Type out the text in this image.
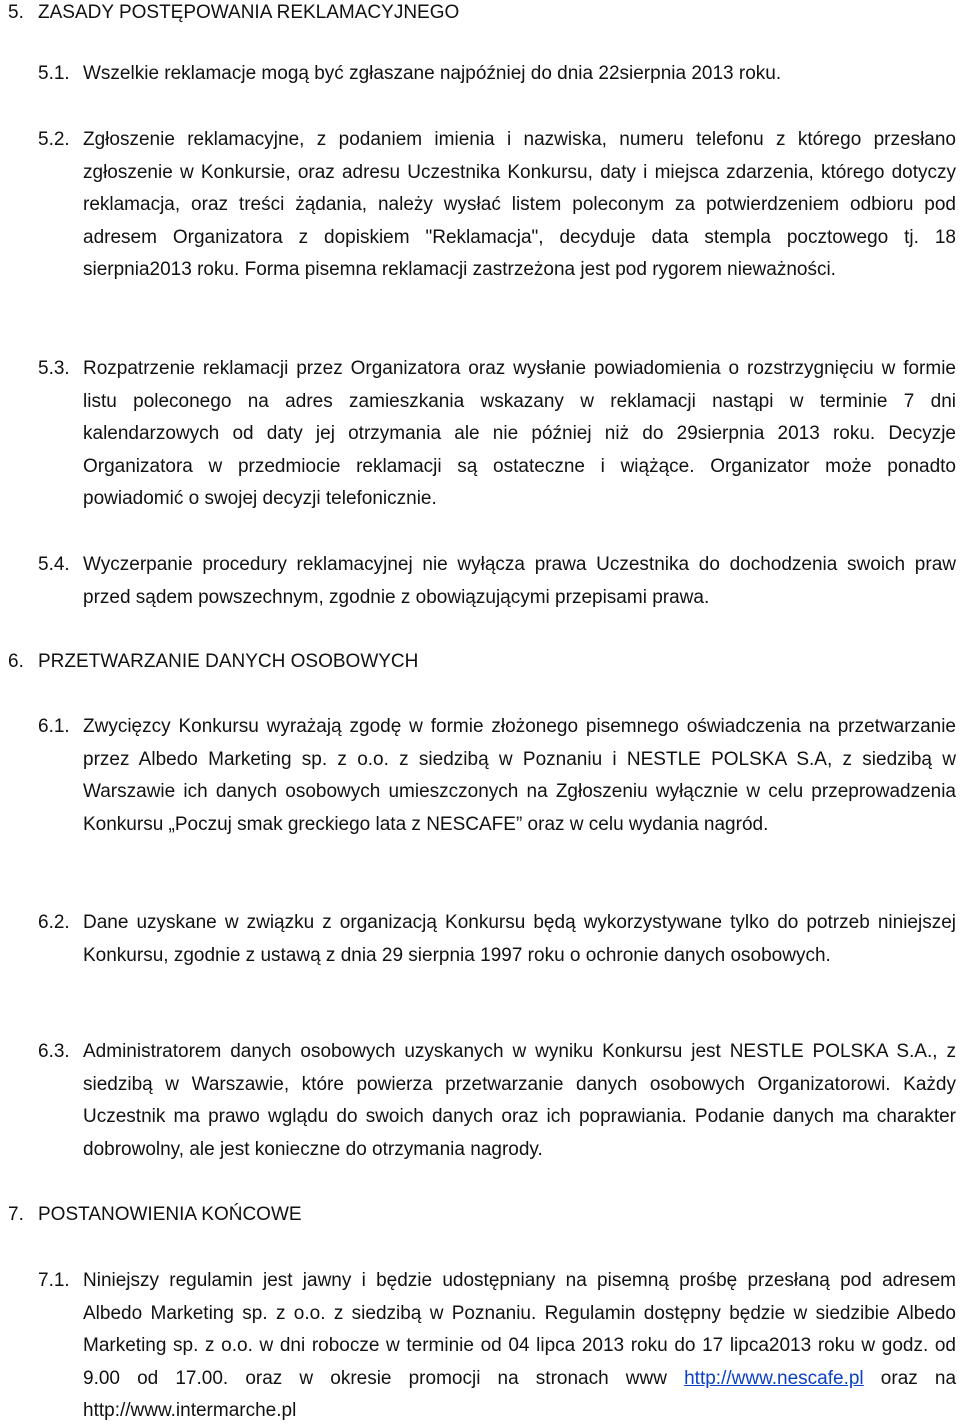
5. ZASADY POSTĘPOWANIA REKLAMACYJNEGO
5.1. Wszelkie reklamacje mogą być zgłaszane najpóźniej do dnia 22sierpnia 2013 roku.

5.2. Zgłoszenie reklamacyjne, z podaniem imienia i nazwiska, numeru telefonu z którego przesłano zgłoszenie w Konkursie, oraz adresu Uczestnika Konkursu, daty i miejsca zdarzenia, którego dotyczy reklamacja, oraz treści żądania, należy wysłać listem poleconym za potwierdzeniem odbioru pod adresem Organizatora z dopiskiem "Reklamacja", decyduje data stempla pocztowego tj. 18 sierpnia2013 roku. Forma pisemna reklamacji zastrzeżona jest pod rygorem nieważności.

5.3. Rozpatrzenie reklamacji przez Organizatora oraz wysłanie powiadomienia o rozstrzygnięciu w formie listu poleconego na adres zamieszkania wskazany w reklamacji nastąpi w terminie 7 dni kalendarzowych od daty jej otrzymania ale nie później niż do 29sierpnia 2013 roku. Decyzje Organizatora w przedmiocie reklamacji są ostateczne i wiążące. Organizator może ponadto powiadomić o swojej decyzji telefonicznie.

5.4. Wyczerpanie procedury reklamacyjnej nie wyłącza prawa Uczestnika do dochodzenia swoich praw przed sądem powszechnym, zgodnie z obowiązującymi przepisami prawa.

6. PRZETWARZANIE DANYCH OSOBOWYCH
6.1. Zwycięzcy Konkursu wyrażają zgodę w formie złożonego pisemnego oświadczenia na przetwarzanie przez Albedo Marketing sp. z o.o. z siedzibą w Poznaniu i NESTLE POLSKA S.A, z siedzibą w Warszawie ich danych osobowych umieszczonych na Zgłoszeniu wyłącznie w celu przeprowadzenia Konkursu „Poczuj smak greckiego lata z NESCAFE” oraz w celu wydania nagród.

6.2. Dane uzyskane w związku z organizacją Konkursu będą wykorzystywane tylko do potrzeb niniejszej Konkursu, zgodnie z ustawą z dnia 29 sierpnia 1997 roku o ochronie danych osobowych.

6.3. Administratorem danych osobowych uzyskanych w wyniku Konkursu jest NESTLE POLSKA S.A., z siedzibą w Warszawie, które powierza przetwarzanie danych osobowych Organizatorowi. Każdy Uczestnik ma prawo wglądu do swoich danych oraz ich poprawiania. Podanie danych ma charakter dobrowolny, ale jest konieczne do otrzymania nagrody.

7. POSTANOWIENIA KOŃCOWE
7.1. Niniejszy regulamin jest jawny i będzie udostępniany na pisemną prośbę przesłaną pod adresem Albedo Marketing sp. z o.o. z siedzibą w Poznaniu. Regulamin dostępny będzie w siedzibie Albedo Marketing sp. z o.o. w dni robocze w terminie od 04 lipca 2013 roku do 17 lipca2013 roku w godz. od 9.00 od 17.00. oraz w okresie promocji na stronach www http://www.nescafe.pl oraz na http://www.intermarche.pl
